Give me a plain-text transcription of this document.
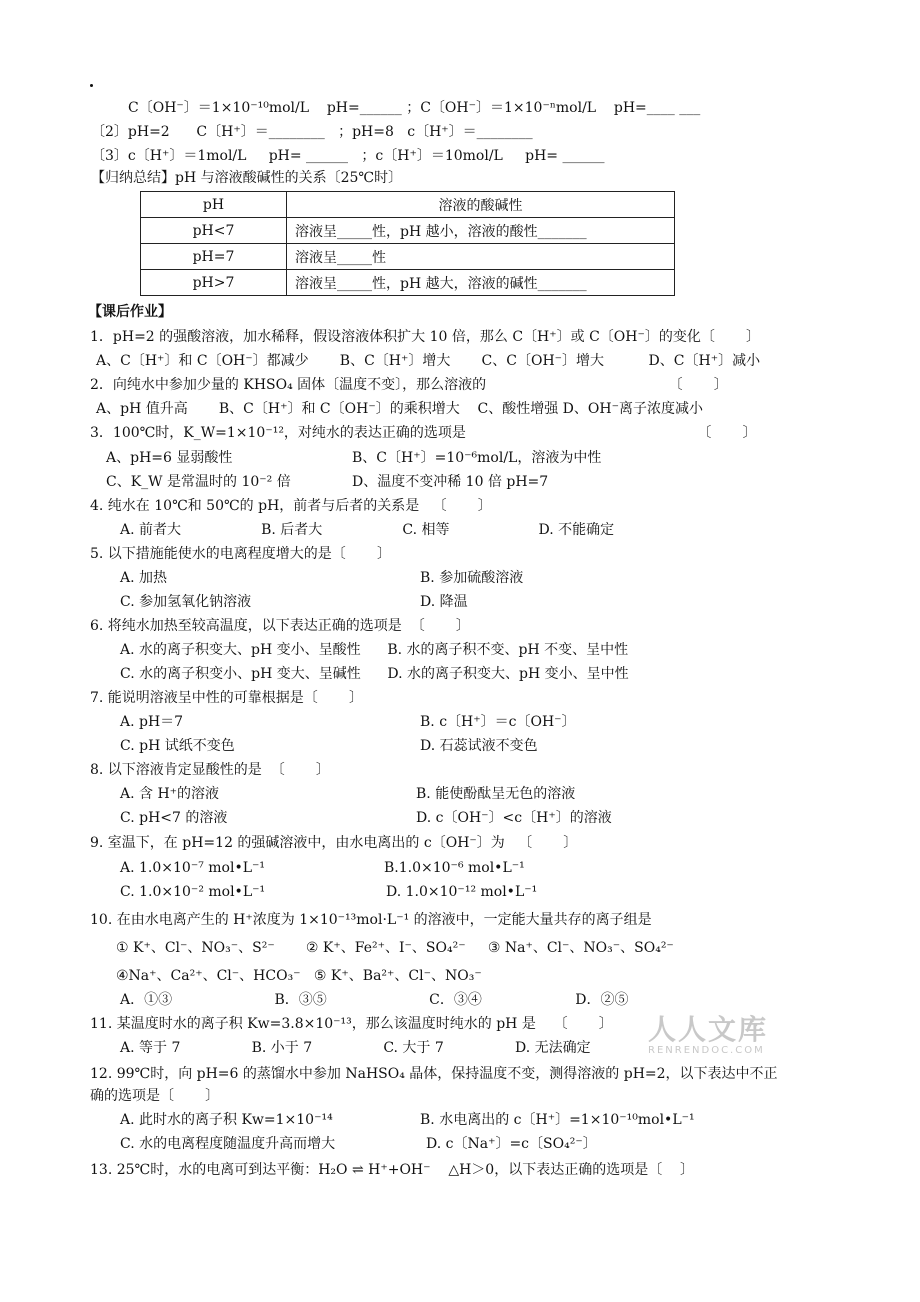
C〔OH⁻〕＝1×10⁻¹⁰mol/L    pH=______ ；C〔OH⁻〕＝1×10⁻ⁿmol/L    pH=____ ___
〔2〕pH=2      C〔H⁺〕＝________   ；pH=8   c〔H⁺〕＝________
〔3〕c〔H⁺〕＝1mol/L     pH= ______   ；c〔H⁺〕＝10mol/L     pH= ______
【归纳总结】pH 与溶液酸碱性的关系〔25℃时〕
pH	溶液的酸碱性
pH<7	溶液呈_____性，pH 越小，溶液的酸性_______
pH=7	溶液呈_____性
pH>7	溶液呈_____性，pH 越大，溶液的碱性_______
【课后作业】
1．pH=2 的强酸溶液，加水稀释，假设溶液体积扩大 10 倍，那么 C〔H⁺〕或 C〔OH⁻〕的变化〔       〕
A、C〔H⁺〕和 C〔OH⁻〕都减少       B、C〔H⁺〕增大       C、C〔OH⁻〕增大          D、C〔H⁺〕减小
2．向纯水中参加少量的 KHSO₄ 固体〔温度不变〕，那么溶液的                                         〔       〕
A、pH 值升高       B、C〔H⁺〕和 C〔OH⁻〕的乘积增大    C、酸性增强 D、OH⁻离子浓度减小
3．100℃时，K_W=1×10⁻¹²，对纯水的表达正确的选项是                                                    〔       〕
A、pH=6 显弱酸性	B、C〔H⁺〕=10⁻⁶mol/L，溶液为中性
C、K_W 是常温时的 10⁻² 倍	D、温度不变冲稀 10 倍 pH=7
4. 纯水在 10℃和 50℃的 pH，前者与后者的关系是   〔       〕
A. 前者大                  B. 后者大                  C. 相等                    D. 不能确定
5. 以下措施能使水的电离程度增大的是〔       〕
A. 加热	B. 参加硫酸溶液
C. 参加氢氧化钠溶液	D. 降温
6. 将纯水加热至较高温度，以下表达正确的选项是  〔       〕
A. 水的离子积变大、pH 变小、呈酸性      B. 水的离子积不变、pH 不变、呈中性
C. 水的离子积变小、pH 变大、呈碱性      D. 水的离子积变大、pH 变小、呈中性
7. 能说明溶液呈中性的可靠根据是〔       〕
A. pH＝7	B. c〔H⁺〕＝c〔OH⁻〕
C. pH 试纸不变色	D. 石蕊试液不变色
8. 以下溶液肯定显酸性的是  〔       〕
A. 含 H⁺的溶液	B. 能使酚酞呈无色的溶液
C. pH<7 的溶液	D. c〔OH⁻〕<c〔H⁺〕的溶液
9. 室温下，在 pH=12 的强碱溶液中，由水电离出的 c〔OH⁻〕为   〔       〕
A. 1.0×10⁻⁷ mol•L⁻¹	B.1.0×10⁻⁶ mol•L⁻¹
C. 1.0×10⁻² mol•L⁻¹	D. 1.0×10⁻¹² mol•L⁻¹
10. 在由水电离产生的 H⁺浓度为 1×10⁻¹³mol·L⁻¹ 的溶液中，一定能大量共存的离子组是
① K⁺、Cl⁻、NO₃⁻、S²⁻       ② K⁺、Fe²⁺、I⁻、SO₄²⁻     ③ Na⁺、Cl⁻、NO₃⁻、SO₄²⁻
④Na⁺、Ca²⁺、Cl⁻、HCO₃⁻   ⑤ K⁺、Ba²⁺、Cl⁻、NO₃⁻
A．①③                       B．③⑤                       C．③④                     D．②⑤
11. 某温度时水的离子积 Kw=3.8×10⁻¹³，那么该温度时纯水的 pH 是    〔       〕
A. 等于 7                B. 小于 7                C. 大于 7                D. 无法确定
12. 99℃时，向 pH=6 的蒸馏水中参加 NaHSO₄ 晶体，保持温度不变，测得溶液的 pH=2，以下表达中不正
确的选项是〔       〕
A. 此时水的离子积 Kw=1×10⁻¹⁴	B. 水电离出的 c〔H⁺〕=1×10⁻¹⁰mol•L⁻¹
C. 水的电离程度随温度升高而增大	D. c〔Na⁺〕=c〔SO₄²⁻〕
13. 25℃时，水的电离可到达平衡：H₂O ⇌ H⁺+OH⁻    △H＞0，以下表达正确的选项是〔    〕
人人文库
RENRENDOC.COM
